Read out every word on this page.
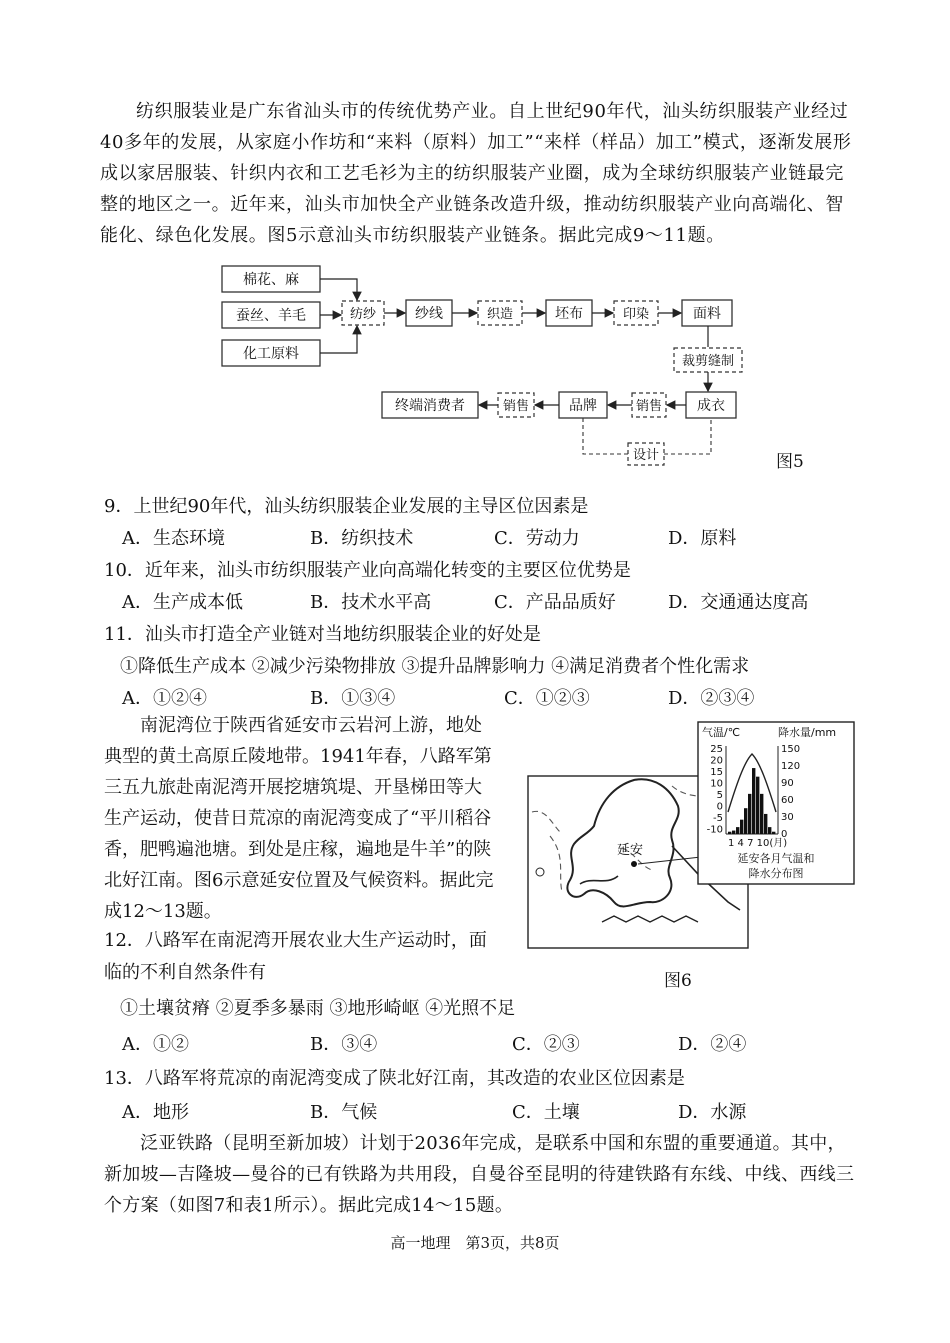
纺织服装业是广东省汕头市的传统优势产业。自上世纪90年代，汕头纺织服装产业经过40多年的发展，从家庭小作坊和“来料（原料）加工”“来样（样品）加工”模式，逐渐发展形成以家居服装、针织内衣和工艺毛衫为主的纺织服装产业圈，成为全球纺织服装产业链最完整的地区之一。近年来，汕头市加快全产业链条改造升级，推动纺织服装产业向高端化、智能化、绿色化发展。图5示意汕头市纺织服装产业链条。据此完成9～11题。
棉花、麻
蚕丝、羊毛
化工原料
纺纱	纱线	织造	坯布	印染	面料
裁剪缝制
成衣
销售
品牌
销售
终端消费者
设计	图5
9．上世纪90年代，汕头纺织服装企业发展的主导区位因素是
A．生态环境	B．纺织技术	C．劳动力	D．原料
10．近年来，汕头市纺织服装产业向高端化转变的主要区位优势是
A．生产成本低	B．技术水平高	C．产品品质好	D．交通通达度高
11．汕头市打造全产业链对当地纺织服装企业的好处是
①降低生产成本 ②减少污染物排放 ③提升品牌影响力 ④满足消费者个性化需求
A．①②④	B．①③④	C．①②③	D．②③④
南泥湾位于陕西省延安市云岩河上游，地处典型的黄土高原丘陵地带。1941年春，八路军第三五九旅赴南泥湾开展挖塘筑堤、开垦梯田等大生产运动，使昔日荒凉的南泥湾变成了“平川稻谷香，肥鸭遍池塘。到处是庄稼，遍地是牛羊”的陕北好江南。图6示意延安位置及气候资料。据此完成12～13题。
延安
气温/℃	降水量/mm
25
20
15
10
5
0
-5
-10
150
120
90
60
30
0
1 4 7 10(月)
延安各月气温和
降水分布图
图6
12．八路军在南泥湾开展农业大生产运动时，面
临的不利自然条件有
①土壤贫瘠 ②夏季多暴雨 ③地形崎岖 ④光照不足
A．①②	B．③④	C．②③	D．②④
13．八路军将荒凉的南泥湾变成了陕北好江南，其改造的农业区位因素是
A．地形	B．气候	C．土壤	D．水源
泛亚铁路（昆明至新加坡）计划于2036年完成，是联系中国和东盟的重要通道。其中，新加坡—吉隆坡—曼谷的已有铁路为共用段，自曼谷至昆明的待建铁路有东线、中线、西线三个方案（如图7和表1所示）。据此完成14～15题。
高一地理　第3页，共8页
